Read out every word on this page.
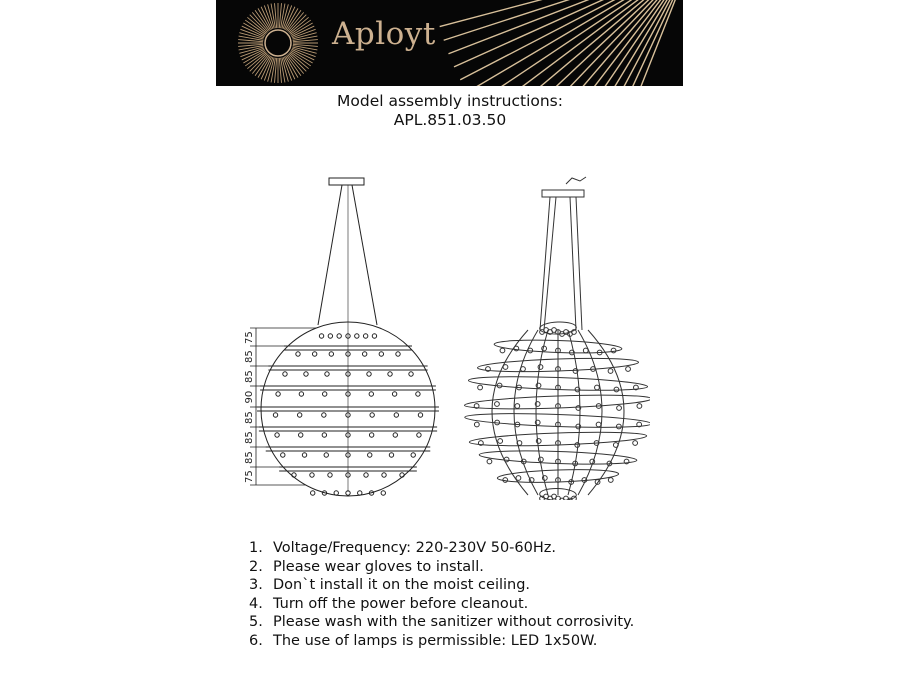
Aployt
Model assembly instructions:
APL.851.03.50
75
85
85
90
85
85
85
75
1. Voltage/Frequency: 220-230V 50-60Hz.
2. Please wear gloves to install.
3. Don`t install it on the moist ceiling.
4. Turn off the power before cleanout.
5. Please wash with the sanitizer without corrosivity.
6. The use of lamps is permissible: LED 1x50W.
